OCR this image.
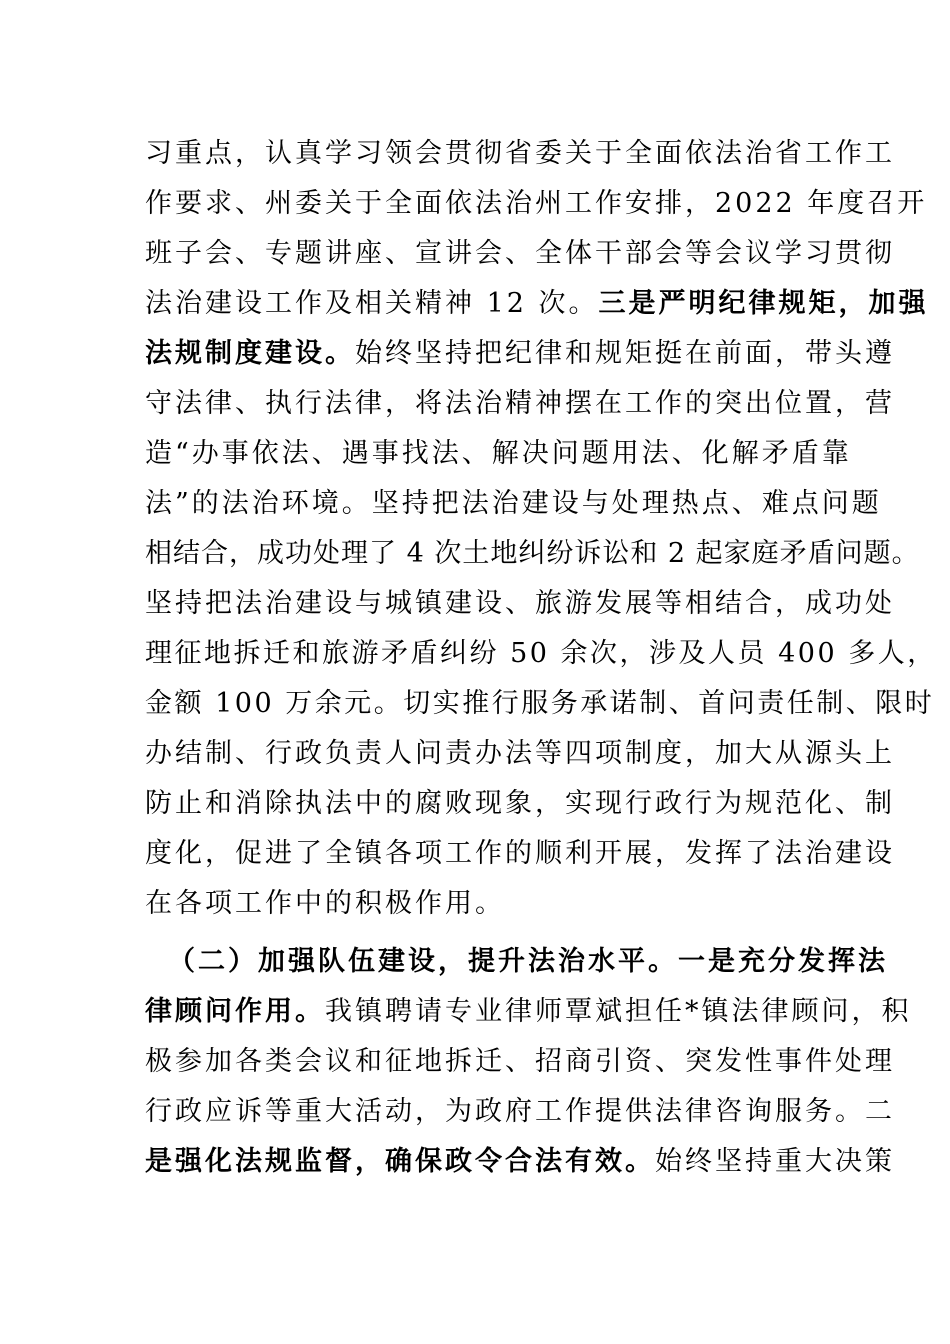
习重点，认真学习领会贯彻省委关于全面依法治省工作工
作要求、州委关于全面依法治州工作安排，2022 年度召开
班子会、专题讲座、宣讲会、全体干部会等会议学习贯彻
法治建设工作及相关精神 12 次。三是严明纪律规矩，加强
法规制度建设。始终坚持把纪律和规矩挺在前面，带头遵
守法律、执行法律，将法治精神摆在工作的突出位置，营
造“办事依法、遇事找法、解决问题用法、化解矛盾靠
法”的法治环境。坚持把法治建设与处理热点、难点问题
相结合，成功处理了 4 次土地纠纷诉讼和 2 起家庭矛盾问题。
坚持把法治建设与城镇建设、旅游发展等相结合，成功处
理征地拆迁和旅游矛盾纠纷 50 余次，涉及人员 400 多人，
金额 100 万余元。切实推行服务承诺制、首问责任制、限时
办结制、行政负责人问责办法等四项制度，加大从源头上
防止和消除执法中的腐败现象，实现行政行为规范化、制
度化，促进了全镇各项工作的顺利开展，发挥了法治建设
在各项工作中的积极作用。
（二）加强队伍建设，提升法治水平。一是充分发挥法
律顾问作用。我镇聘请专业律师覃斌担任*镇法律顾问，积
极参加各类会议和征地拆迁、招商引资、突发性事件处理
行政应诉等重大活动，为政府工作提供法律咨询服务。二
是强化法规监督，确保政令合法有效。始终坚持重大决策
